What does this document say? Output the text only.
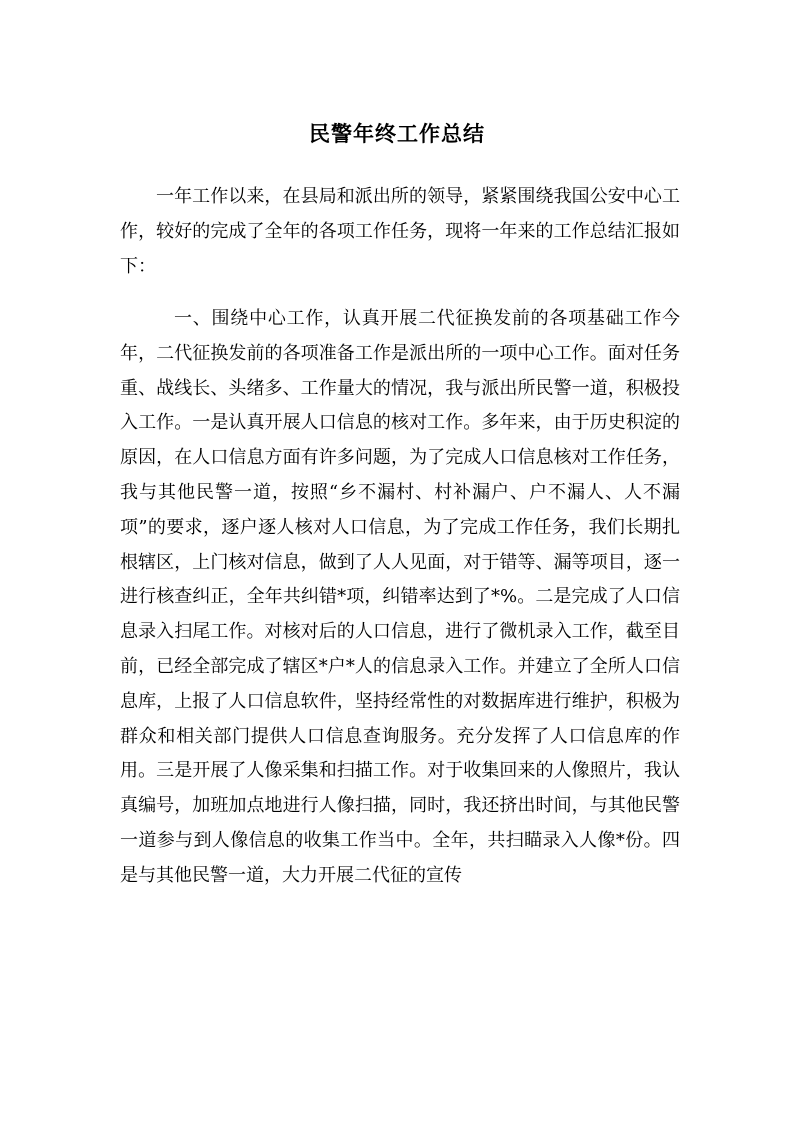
民警年终工作总结

一年工作以来，在县局和派出所的领导，紧紧围绕我国公安中心工作，较好的完成了全年的各项工作任务，现将一年来的工作总结汇报如下：

一、围绕中心工作，认真开展二代征换发前的各项基础工作今年，二代征换发前的各项准备工作是派出所的一项中心工作。面对任务重、战线长、头绪多、工作量大的情况，我与派出所民警一道，积极投入工作。一是认真开展人口信息的核对工作。多年来，由于历史积淀的原因，在人口信息方面有许多问题，为了完成人口信息核对工作任务，我与其他民警一道，按照“乡不漏村、村补漏户、户不漏人、人不漏项”的要求，逐户逐人核对人口信息，为了完成工作任务，我们长期扎根辖区，上门核对信息，做到了人人见面，对于错等、漏等项目，逐一进行核查纠正，全年共纠错*项，纠错率达到了*%。二是完成了人口信息录入扫尾工作。对核对后的人口信息，进行了微机录入工作，截至目前，已经全部完成了辖区*户*人的信息录入工作。并建立了全所人口信息库，上报了人口信息软件，坚持经常性的对数据库进行维护，积极为群众和相关部门提供人口信息查询服务。充分发挥了人口信息库的作用。三是开展了人像采集和扫描工作。对于收集回来的人像照片，我认真编号，加班加点地进行人像扫描，同时，我还挤出时间，与其他民警一道参与到人像信息的收集工作当中。全年，共扫瞄录入人像*份。四是与其他民警一道，大力开展二代征的宣传
